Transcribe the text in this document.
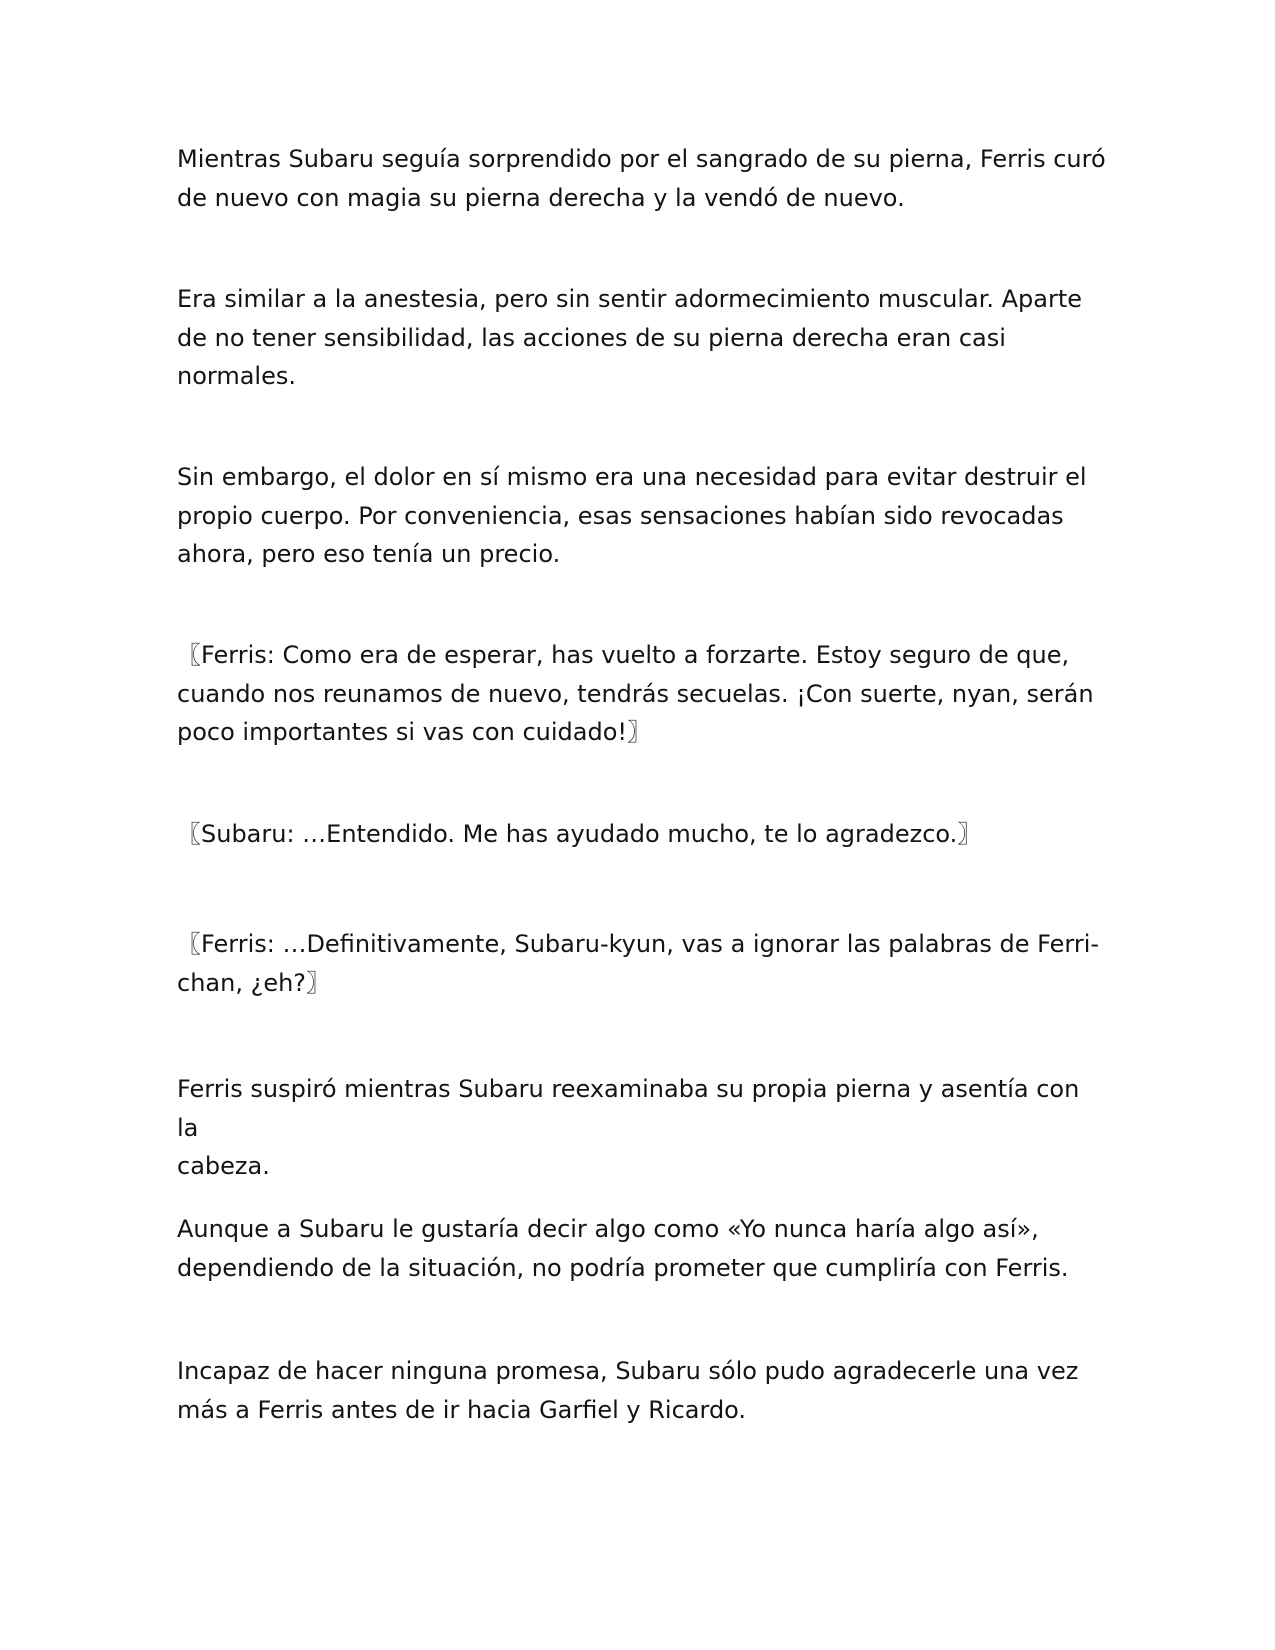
Mientras Subaru seguía sorprendido por el sangrado de su pierna, Ferris curó
de nuevo con magia su pierna derecha y la vendó de nuevo.

Era similar a la anestesia, pero sin sentir adormecimiento muscular. Aparte
de no tener sensibilidad, las acciones de su pierna derecha eran casi
normales.

Sin embargo, el dolor en sí mismo era una necesidad para evitar destruir el
propio cuerpo. Por conveniencia, esas sensaciones habían sido revocadas
ahora, pero eso tenía un precio.

〖Ferris: Como era de esperar, has vuelto a forzarte. Estoy seguro de que,
cuando nos reunamos de nuevo, tendrás secuelas. ¡Con suerte, nyan, serán
poco importantes si vas con cuidado!〗

〖Subaru: …Entendido. Me has ayudado mucho, te lo agradezco.〗

〖Ferris: …Definitivamente, Subaru-kyun, vas a ignorar las palabras de Ferri-
chan, ¿eh?〗

Ferris suspiró mientras Subaru reexaminaba su propia pierna y asentía con la
cabeza.

Aunque a Subaru le gustaría decir algo como «Yo nunca haría algo así»,
dependiendo de la situación, no podría prometer que cumpliría con Ferris.

Incapaz de hacer ninguna promesa, Subaru sólo pudo agradecerle una vez
más a Ferris antes de ir hacia Garfiel y Ricardo.
